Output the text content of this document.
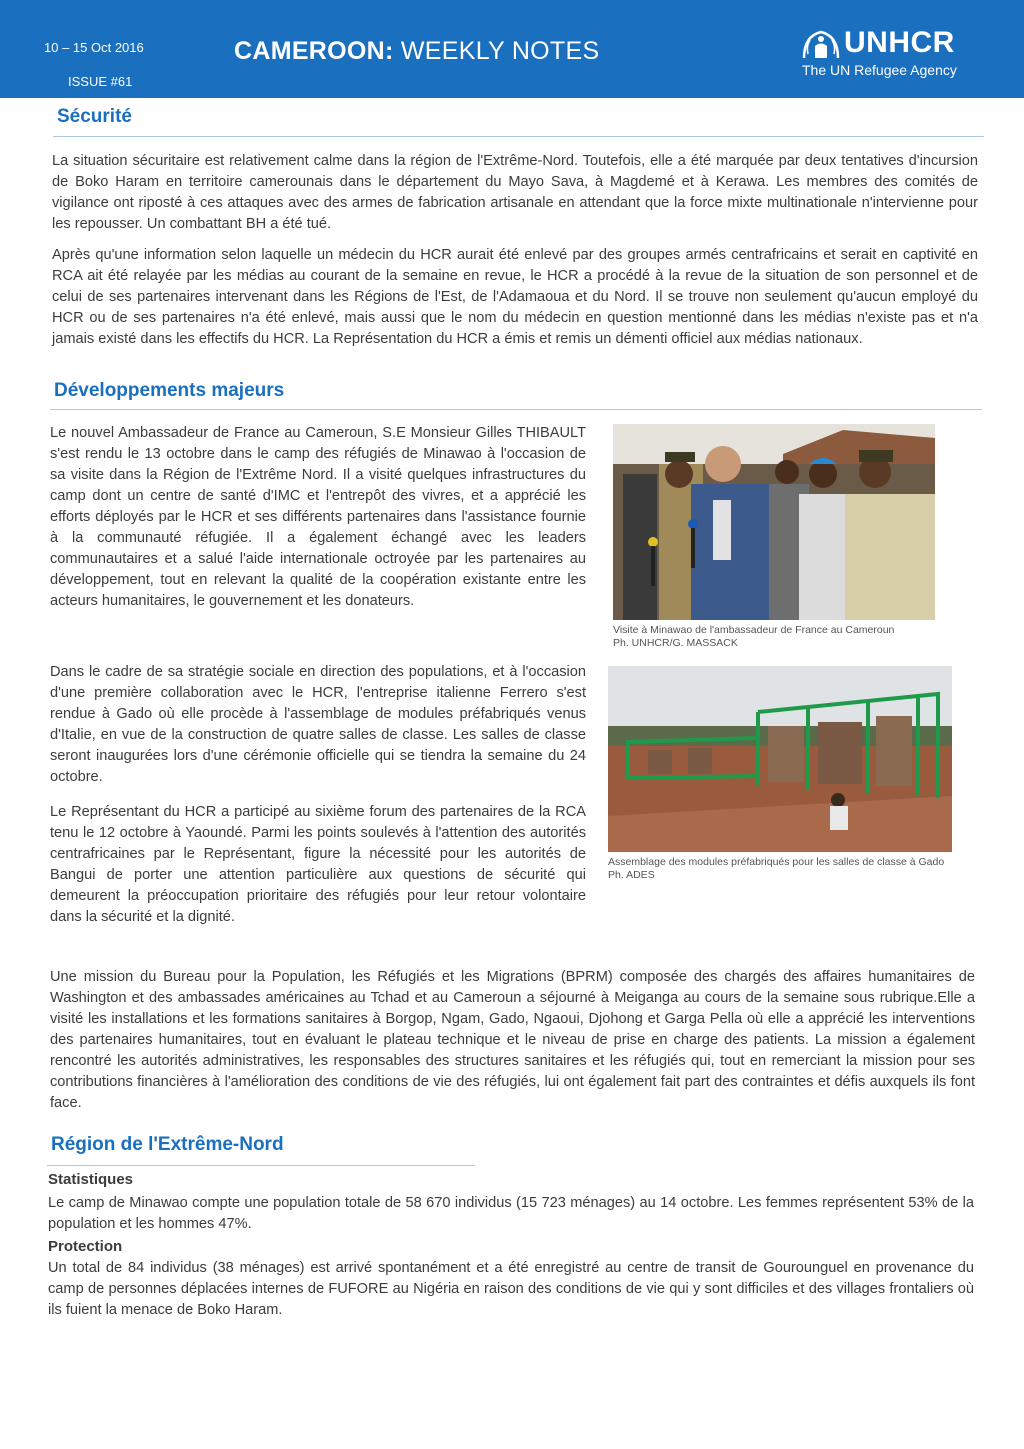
10 – 15 Oct 2016
ISSUE #61
CAMEROON: WEEKLY NOTES	UNHCR
The UN Refugee Agency
Sécurité

La situation sécuritaire est relativement calme dans la région de l'Extrême-Nord. Toutefois, elle a été marquée par deux tentatives d'incursion de Boko Haram en territoire camerounais dans le département du Mayo Sava, à Magdemé et à Kerawa. Les membres des comités de vigilance ont riposté à ces attaques avec des armes de fabrication artisanale en attendant que la force mixte multinationale n'intervienne pour les repousser. Un combattant BH a été tué.

Après qu'une information selon laquelle un médecin du HCR aurait été enlevé par des groupes armés centrafricains et serait en captivité en RCA ait été relayée par les médias au courant de la semaine en revue, le HCR a procédé à la revue de la situation de son personnel et de celui de ses partenaires intervenant dans les Régions de l'Est, de l'Adamaoua et du Nord. Il se trouve non seulement qu'aucun employé du HCR ou de ses partenaires n'a été enlevé, mais aussi que le nom du médecin en question mentionné dans les médias n'existe pas et n'a jamais existé dans les effectifs du HCR. La Représentation du HCR a émis et remis un démenti officiel aux médias nationaux.

Développements majeurs

Le nouvel Ambassadeur de France au Cameroun, S.E Monsieur Gilles THIBAULT s'est rendu le 13 octobre dans le camp des réfugiés de Minawao à l'occasion de sa visite dans la Région de l'Extrême Nord. Il a visité quelques infrastructures du camp dont un centre de santé d'IMC et l'entrepôt des vivres, et a apprécié les efforts déployés par le HCR et ses différents partenaires dans l'assistance fournie à la communauté réfugiée. Il a également échangé avec les leaders communautaires et a salué l'aide internationale octroyée par les partenaires au développement, tout en relevant la qualité de la coopération existante entre les acteurs humanitaires, le gouvernement et les donateurs.

Dans le cadre de sa stratégie sociale en direction des populations, et à l'occasion d'une première collaboration avec le HCR, l'entreprise italienne Ferrero s'est rendue à Gado où elle procède à l'assemblage de modules préfabriqués venus d'Italie, en vue de la construction de quatre salles de classe. Les salles de classe seront inaugurées lors d'une cérémonie officielle qui se tiendra la semaine du 24 octobre.

Le Représentant du HCR a participé au sixième forum des partenaires de la RCA tenu le 12 octobre à Yaoundé. Parmi les points soulevés à l'attention des autorités centrafricaines par le Représentant, figure la nécessité pour les autorités de Bangui de porter une attention particulière aux questions de sécurité qui demeurent la préoccupation prioritaire des réfugiés pour leur retour volontaire dans la sécurité et la dignité.

Visite à Minawao de l'ambassadeur de France au Cameroun
Ph. UNHCR/G. MASSACK
Assemblage des modules préfabriqués pour les salles de classe à Gado
Ph. ADES

Une mission du Bureau pour la Population, les Réfugiés et les Migrations (BPRM) composée des chargés des affaires humanitaires de Washington et des ambassades américaines au Tchad et au Cameroun a séjourné à Meiganga au cours de la semaine sous rubrique.Elle a visité les installations et les formations sanitaires à Borgop, Ngam, Gado, Ngaoui, Djohong et Garga Pella où elle a apprécié les interventions des partenaires humanitaires, tout en évaluant le plateau technique et le niveau de prise en charge des patients. La mission a également rencontré les autorités administratives, les responsables des structures sanitaires et les réfugiés qui, tout en remerciant la mission pour ses contributions financières à l'amélioration des conditions de vie des réfugiés, lui ont également fait part des contraintes et défis auxquels ils font face.

Région de l'Extrême-Nord
Statistiques

Le camp de Minawao compte une population totale de 58 670 individus (15 723 ménages) au 14 octobre. Les femmes représentent 53% de la population et les hommes 47%.

Protection

Un total de 84 individus (38 ménages) est arrivé spontanément et a été enregistré au centre de transit de Gourounguel en provenance du camp de personnes déplacées internes de FUFORE au Nigéria en raison des conditions de vie qui y sont difficiles et des villages frontaliers où ils fuient la menace de Boko Haram.
